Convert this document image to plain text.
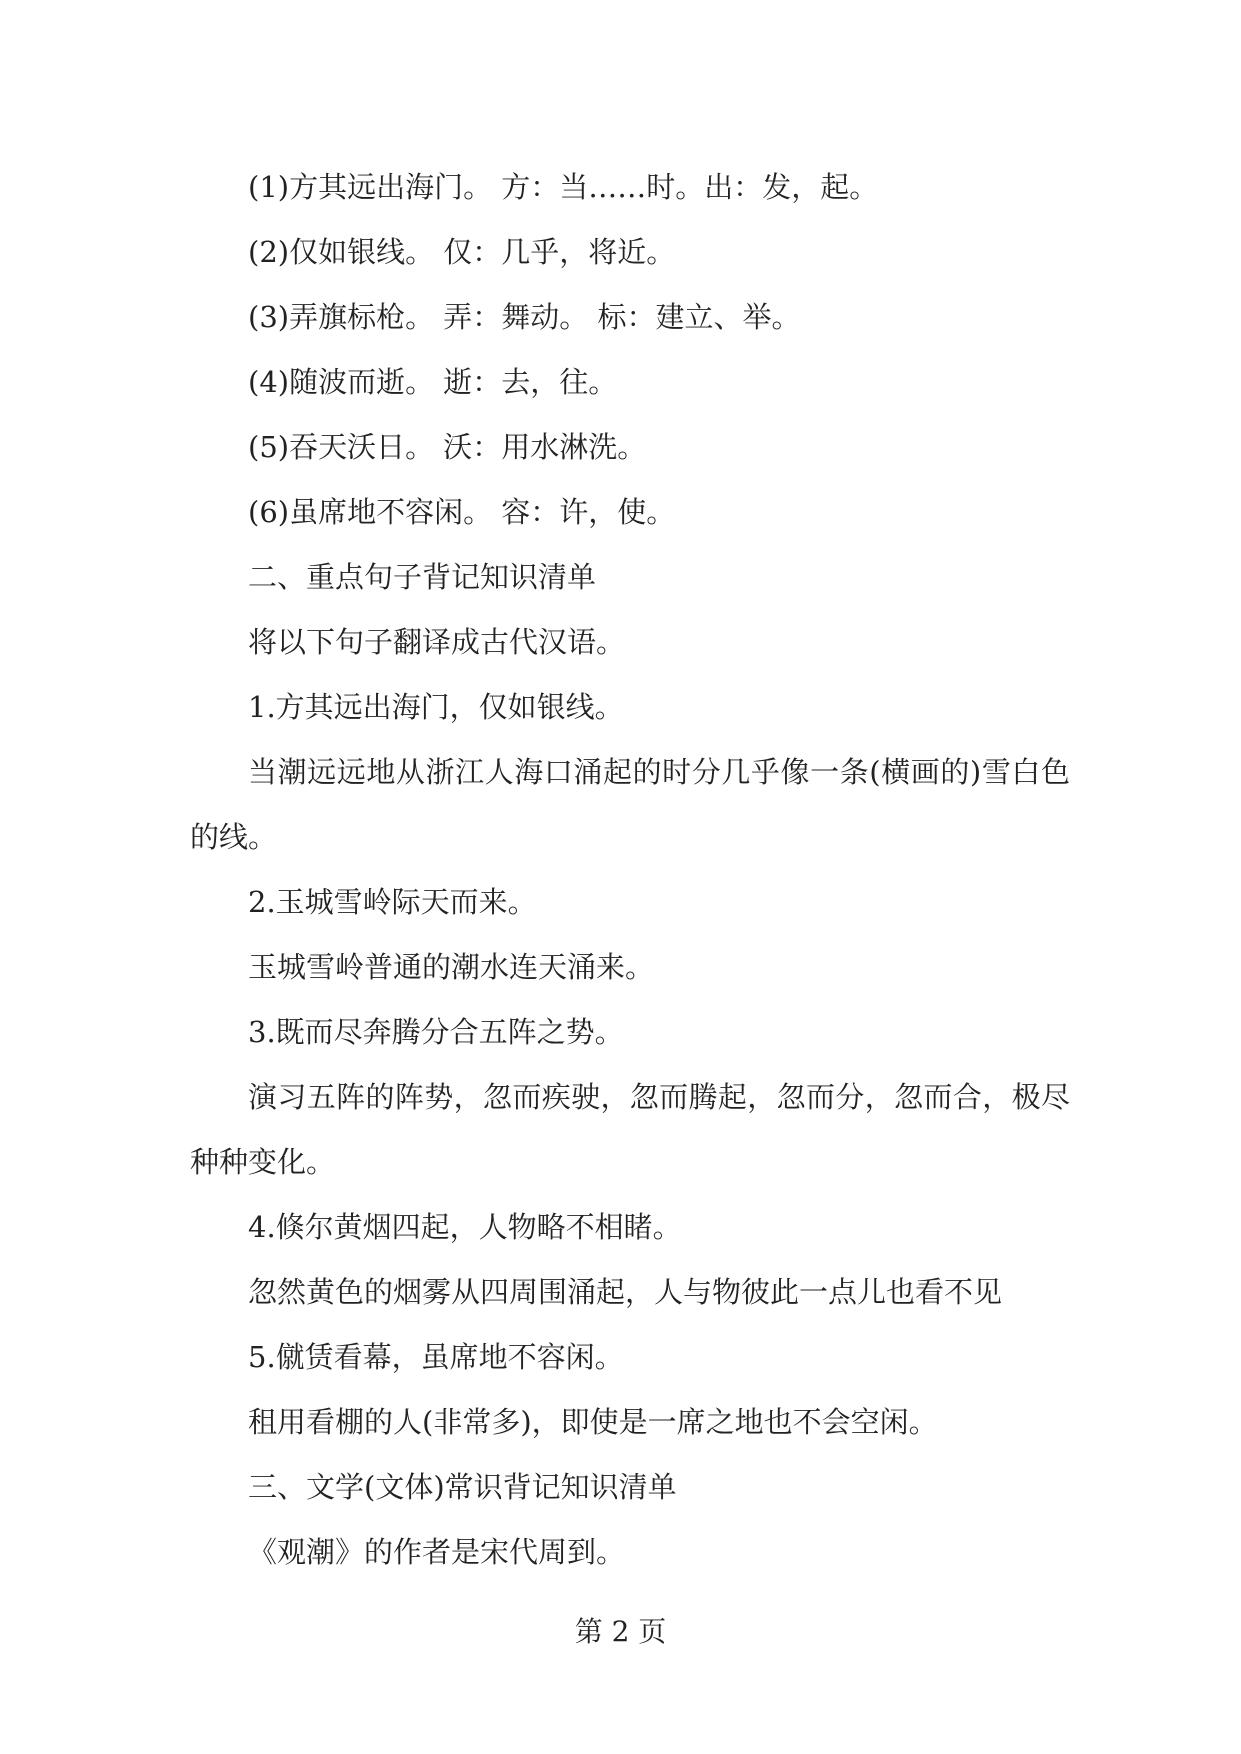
(1)方其远出海门。 方：当……时。出：发，起。
(2)仅如银线。 仅：几乎，将近。
(3)弄旗标枪。 弄：舞动。 标：建立、举。
(4)随波而逝。 逝：去，往。
(5)吞天沃日。 沃：用水淋洗。
(6)虽席地不容闲。 容：许，使。
二、重点句子背记知识清单
将以下句子翻译成古代汉语。
1.方其远出海门，仅如银线。
当潮远远地从浙江人海口涌起的时分几乎像一条(横画的)雪白色的线。
2.玉城雪岭际天而来。
玉城雪岭普通的潮水连天涌来。
3.既而尽奔腾分合五阵之势。
演习五阵的阵势，忽而疾驶，忽而腾起，忽而分，忽而合，极尽种种变化。
4.倏尔黄烟四起，人物略不相睹。
忽然黄色的烟雾从四周围涌起，人与物彼此一点儿也看不见
5.僦赁看幕，虽席地不容闲。
租用看棚的人(非常多)，即使是一席之地也不会空闲。
三、文学(文体)常识背记知识清单
《观潮》的作者是宋代周到。
第 2 页
